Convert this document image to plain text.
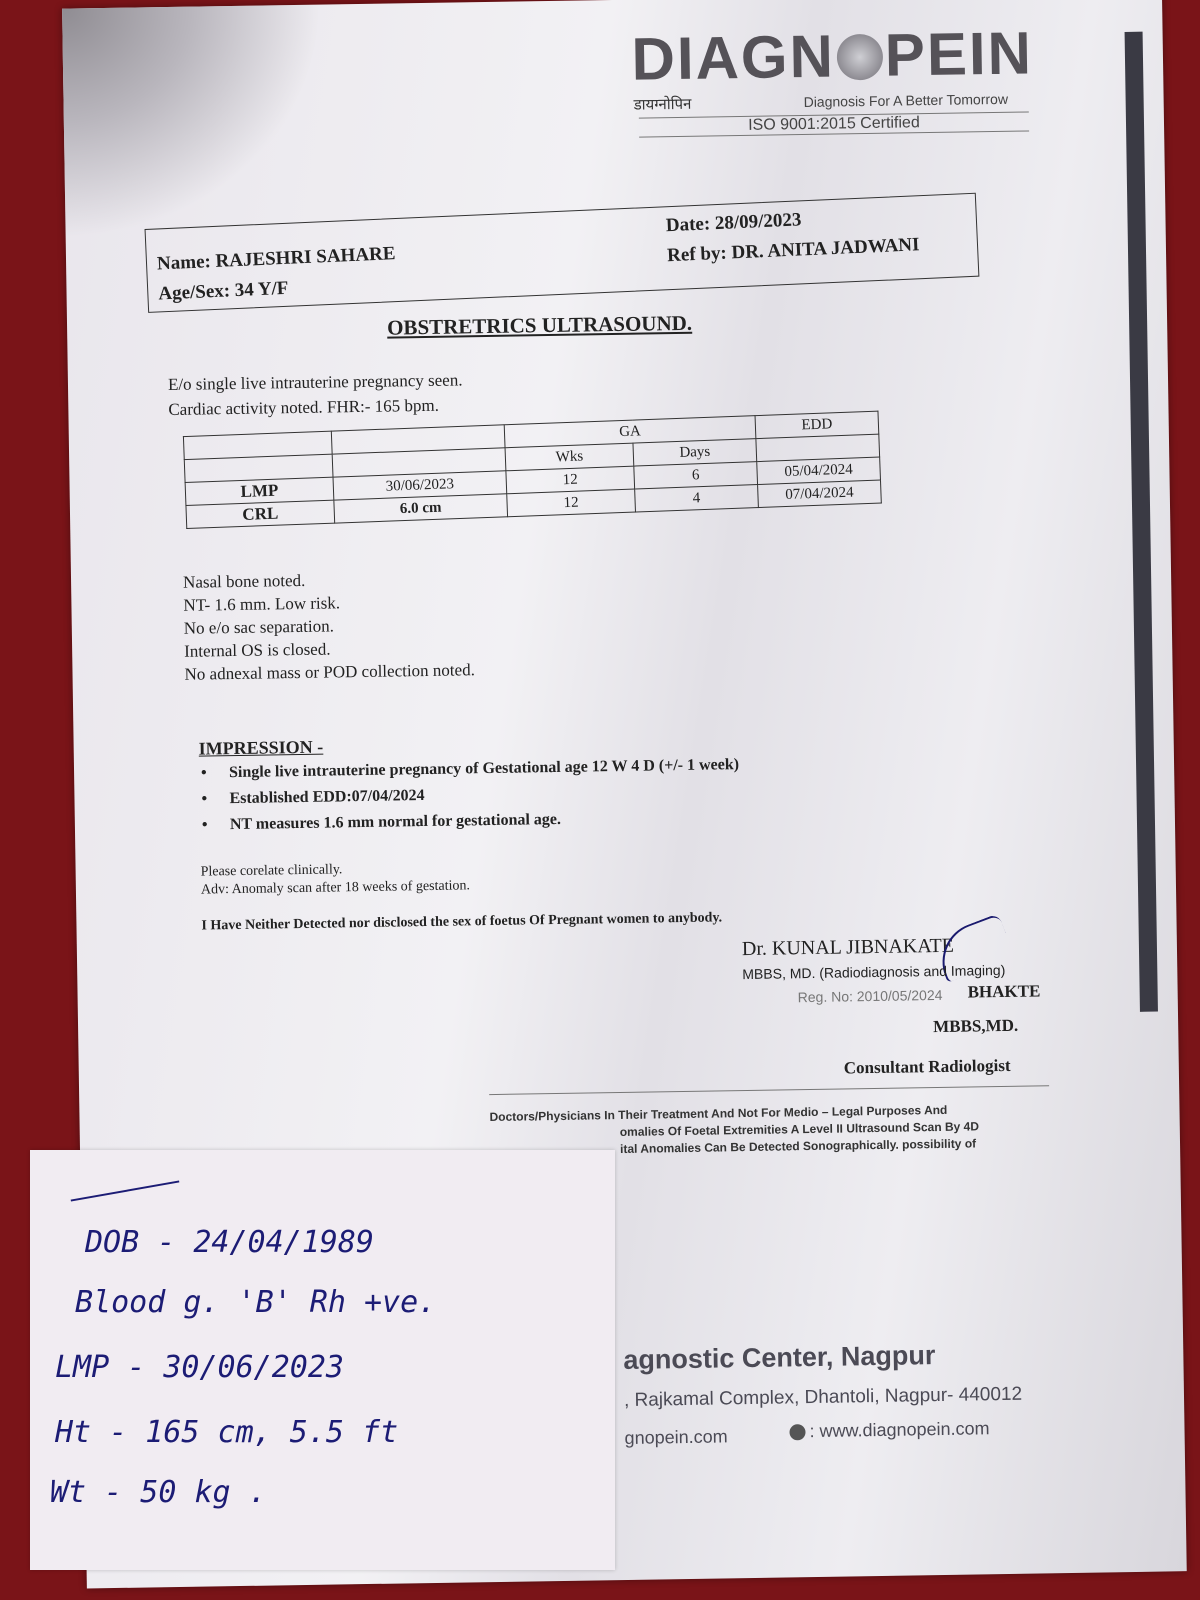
DIAGN PEIN
डायग्नोपिन	Diagnosis For A Better Tomorrow
ISO 9001:2015 Certified
Name: RAJESHRI SAHARE
Age/Sex: 34 Y/F
Date: 28/09/2023
Ref by: DR. ANITA JADWANI
OBSTRETRICS ULTRASOUND.
E/o single live intrauterine pregnancy seen.
Cardiac activity noted. FHR:- 165 bpm.
		GA		EDD
		Wks	Days	
LMP	30/06/2023	12	6	05/04/2024
CRL	6.0 cm	12	4	07/04/2024
Nasal bone noted.
NT- 1.6 mm. Low risk.
No e/o sac separation.
Internal OS is closed.
No adnexal mass or POD collection noted.
IMPRESSION -
• Single live intrauterine pregnancy of Gestational age 12 W 4 D (+/- 1 week)
• Established EDD:07/04/2024
• NT measures 1.6 mm normal for gestational age.
Please corelate clinically.
Adv: Anomaly scan after 18 weeks of gestation.
I Have Neither Detected nor disclosed the sex of foetus Of Pregnant women to anybody.
Dr. KUNAL JIBNAKATE
MBBS, MD. (Radiodiagnosis and Imaging)
Reg. No: 2010/05/2024 BHAKTE
MBBS,MD.
Consultant Radiologist
Doctors/Physicians In Their Treatment And Not For Medio – Legal Purposes And
omalies Of Foetal Extremities A Level II Ultrasound Scan By 4D
ital Anomalies Can Be Detected Sonographically. possibility of
agnostic Center, Nagpur
, Rajkamal Complex, Dhantoli, Nagpur- 440012
gnopein.com	: www.diagnopein.com
DOB - 24/04/1989
Blood g. 'B' Rh +ve.
LMP - 30/06/2023
Ht - 165 cm, 5.5 ft
Wt - 50 kg .
